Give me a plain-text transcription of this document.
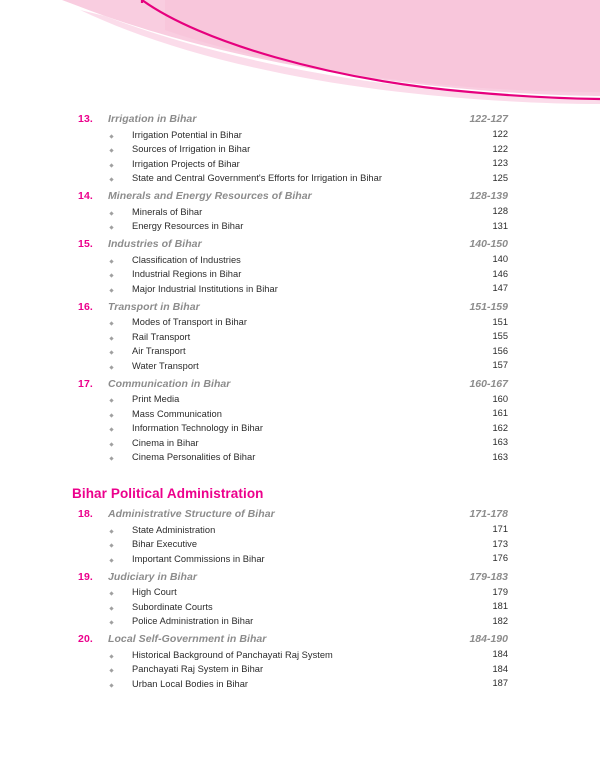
13.	Irrigation in Bihar	122-127
Irrigation Potential in Bihar	122
Sources of Irrigation in Bihar	122
Irrigation Projects of Bihar	123
State and Central Government's Efforts for Irrigation in Bihar	125
14.	Minerals and Energy Resources of Bihar	128-139
Minerals of Bihar	128
Energy Resources in Bihar	131
15.	Industries of Bihar	140-150
Classification of Industries	140
Industrial Regions in Bihar	146
Major Industrial Institutions in Bihar	147
16.	Transport in Bihar	151-159
Modes of Transport in Bihar	151
Rail Transport	155
Air Transport	156
Water Transport	157
17.	Communication in Bihar	160-167
Print Media	160
Mass Communication	161
Information Technology in Bihar	162
Cinema in Bihar	163
Cinema Personalities of Bihar	163
Bihar Political Administration
18.	Administrative Structure of Bihar	171-178
State Administration	171
Bihar Executive	173
Important Commissions in Bihar	176
19.	Judiciary in Bihar	179-183
High Court	179
Subordinate Courts	181
Police Administration in Bihar	182
20.	Local Self-Government in Bihar	184-190
Historical Background of Panchayati Raj System	184
Panchayati Raj System in Bihar	184
Urban Local Bodies in Bihar	187
